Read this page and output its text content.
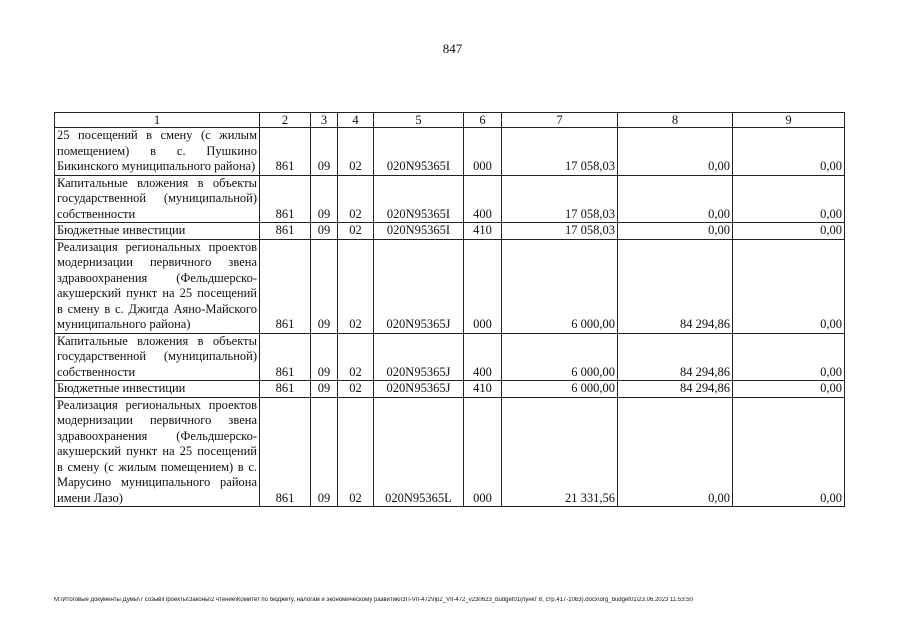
847
1	2	3	4	5	6	7	8	9
25 посещений в смену (с жилым помещением) в с. Пушкино Бикинского муниципального района)	861	09	02	020N95365I	000	17 058,03	0,00	0,00
Капитальные вложения в объекты государственной (муниципальной) собственности	861	09	02	020N95365I	400	17 058,03	0,00	0,00
Бюджетные инвестиции	861	09	02	020N95365I	410	17 058,03	0,00	0,00
Реализация региональных проектов модернизации первичного звена здравоохранения (Фельдшерско-акушерский пункт на 25 посещений в смену в с. Джигда Аяно-Майского муниципального района)	861	09	02	020N95365J	000	6 000,00	84 294,86	0,00
Капитальные вложения в объекты государственной (муниципальной) собственности	861	09	02	020N95365J	400	6 000,00	84 294,86	0,00
Бюджетные инвестиции	861	09	02	020N95365J	410	6 000,00	84 294,86	0,00
Реализация региональных проектов модернизации первичного звена здравоохранения (Фельдшерско-акушерский пункт на 25 посещений в смену (с жилым помещением) в с. Марусино муниципального района имени Лазо)	861	09	02	020N95365L	000	21 331,56	0,00	0,00
М:\Итоговые документы Думы\7 созыв\Проекты\Законы\2 чтение\Комитет по бюджету, налогам и экономическому развитию\3П-VII-472\пр2_VII-472_v230623_budget01(пункт 8, стр.417-1063).docx\org_budget01\23.06.2023 11:53:50
